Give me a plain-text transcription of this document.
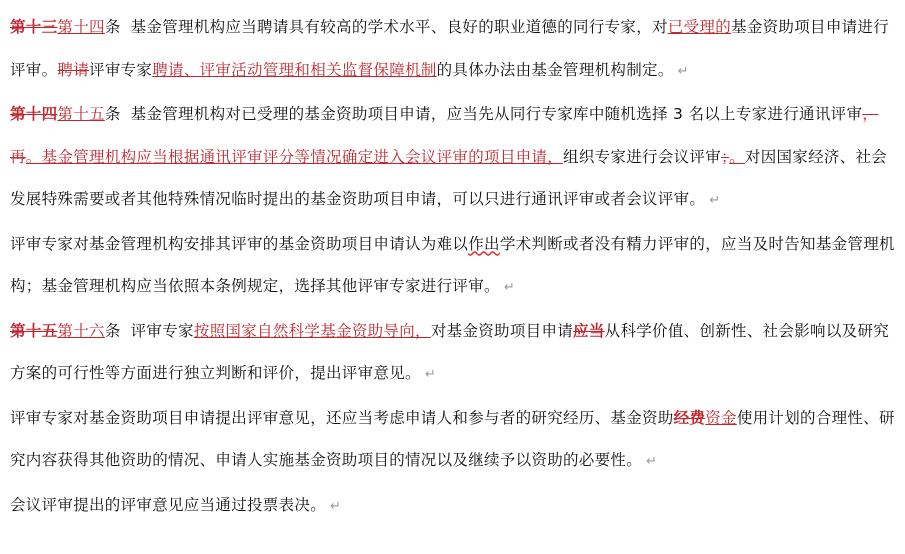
第十三第十四条 基金管理机构应当聘请具有较高的学术水平、良好的职业道德的同行专家，对已受理的基金资助项目申请进行评审。聘请评审专家聘请、评审活动管理和相关监督保障机制的具体办法由基金管理机构制定。 ↵

第十四第十五条 基金管理机构对已受理的基金资助项目申请，应当先从同行专家库中随机选择 3 名以上专家进行通讯评审，再。基金管理机构应当根据通讯评审评分等情况确定进入会议评审的项目申请，组织专家进行会议评审；。对因国家经济、社会发展特殊需要或者其他特殊情况临时提出的基金资助项目申请，可以只进行通讯评审或者会议评审。 ↵

评审专家对基金管理机构安排其评审的基金资助项目申请认为难以作出学术判断或者没有精力评审的，应当及时告知基金管理机构；基金管理机构应当依照本条例规定，选择其他评审专家进行评审。 ↵

第十五第十六条 评审专家按照国家自然科学基金资助导向，对基金资助项目申请应当从科学价值、创新性、社会影响以及研究方案的可行性等方面进行独立判断和评价，提出评审意见。 ↵

评审专家对基金资助项目申请提出评审意见，还应当考虑申请人和参与者的研究经历、基金资助经费资金使用计划的合理性、研究内容获得其他资助的情况、申请人实施基金资助项目的情况以及继续予以资助的必要性。 ↵

会议评审提出的评审意见应当通过投票表决。 ↵
